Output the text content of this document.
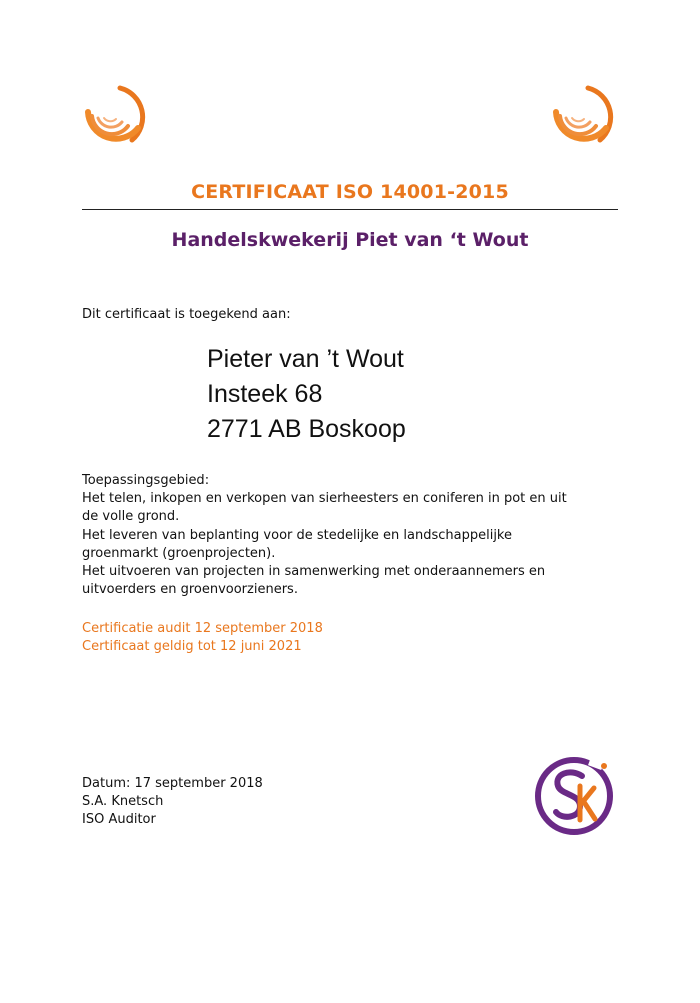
CERTIFICAAT ISO 14001-2015
Handelskwekerij Piet van ‘t Wout
Dit certificaat is toegekend aan:
Pieter van ’t Wout
Insteek 68
2771 AB Boskoop
Toepassingsgebied:
Het telen, inkopen en verkopen van sierheesters en coniferen in pot en uit
de volle grond.
Het leveren van beplanting voor de stedelijke en landschappelijke
groenmarkt (groenprojecten).
Het uitvoeren van projecten in samenwerking met onderaannemers en
uitvoerders en groenvoorzieners.
Certificatie audit 12 september 2018
Certificaat geldig tot 12 juni 2021
Datum: 17 september 2018
S.A. Knetsch
ISO Auditor
